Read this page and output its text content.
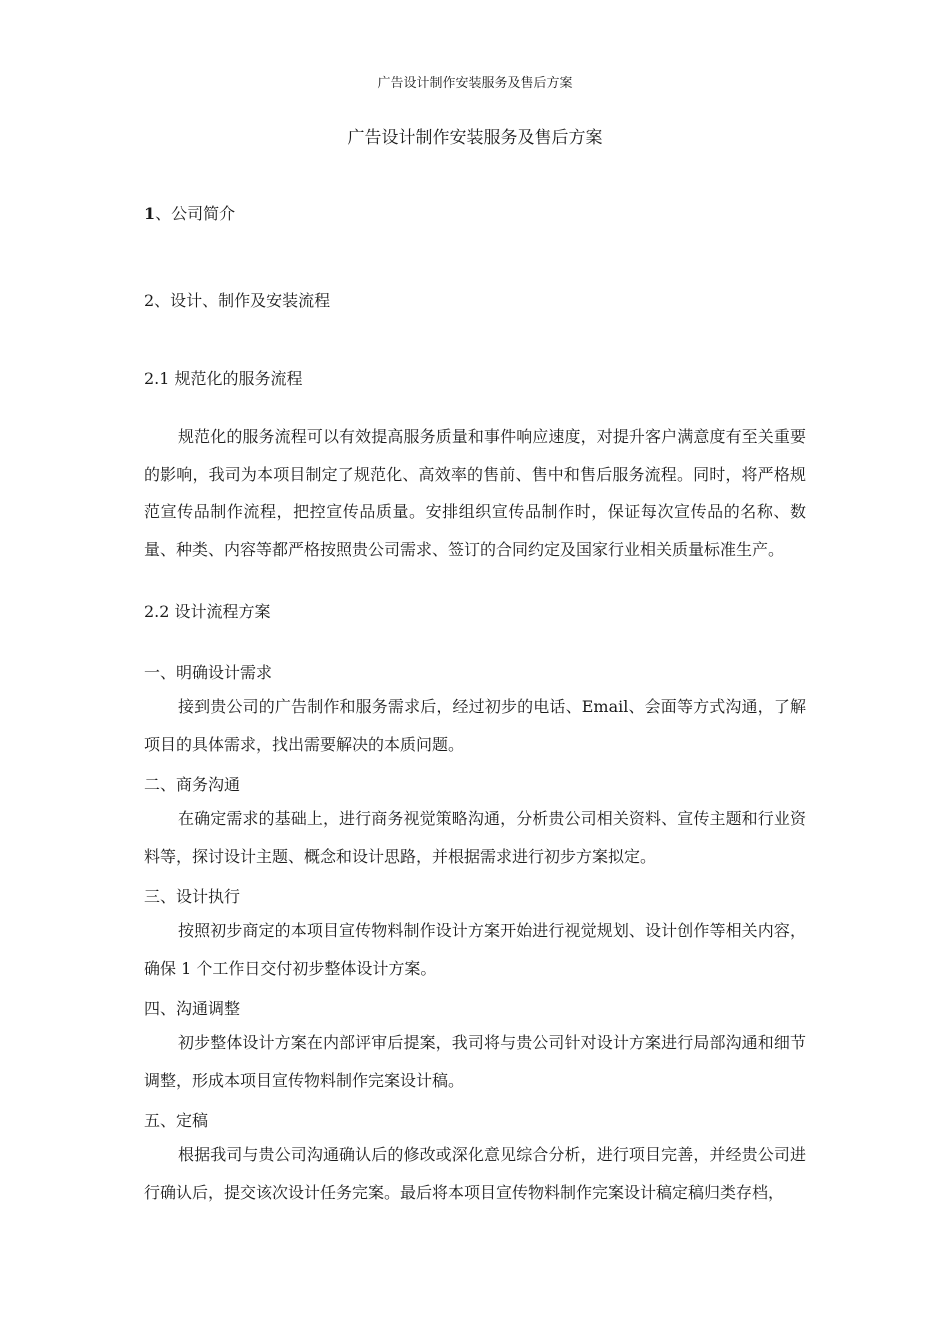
广告设计制作安装服务及售后方案
广告设计制作安装服务及售后方案
1、公司简介
2、设计、制作及安装流程
2.1 规范化的服务流程

规范化的服务流程可以有效提高服务质量和事件响应速度，对提升客户满意度有至关重要的影响，我司为本项目制定了规范化、高效率的售前、售中和售后服务流程。同时，将严格规范宣传品制作流程，把控宣传品质量。安排组织宣传品制作时，保证每次宣传品的名称、数量、种类、内容等都严格按照贵公司需求、签订的合同约定及国家行业相关质量标准生产。

2.2 设计流程方案
一、明确设计需求

接到贵公司的广告制作和服务需求后，经过初步的电话、Email、会面等方式沟通，了解项目的具体需求，找出需要解决的本质问题。

二、商务沟通

在确定需求的基础上，进行商务视觉策略沟通，分析贵公司相关资料、宣传主题和行业资料等，探讨设计主题、概念和设计思路，并根据需求进行初步方案拟定。

三、设计执行

按照初步商定的本项目宣传物料制作设计方案开始进行视觉规划、设计创作等相关内容，确保 1 个工作日交付初步整体设计方案。

四、沟通调整

初步整体设计方案在内部评审后提案，我司将与贵公司针对设计方案进行局部沟通和细节调整，形成本项目宣传物料制作完案设计稿。

五、定稿

根据我司与贵公司沟通确认后的修改或深化意见综合分析，进行项目完善，并经贵公司进行确认后，提交该次设计任务完案。最后将本项目宣传物料制作完案设计稿定稿归类存档，
